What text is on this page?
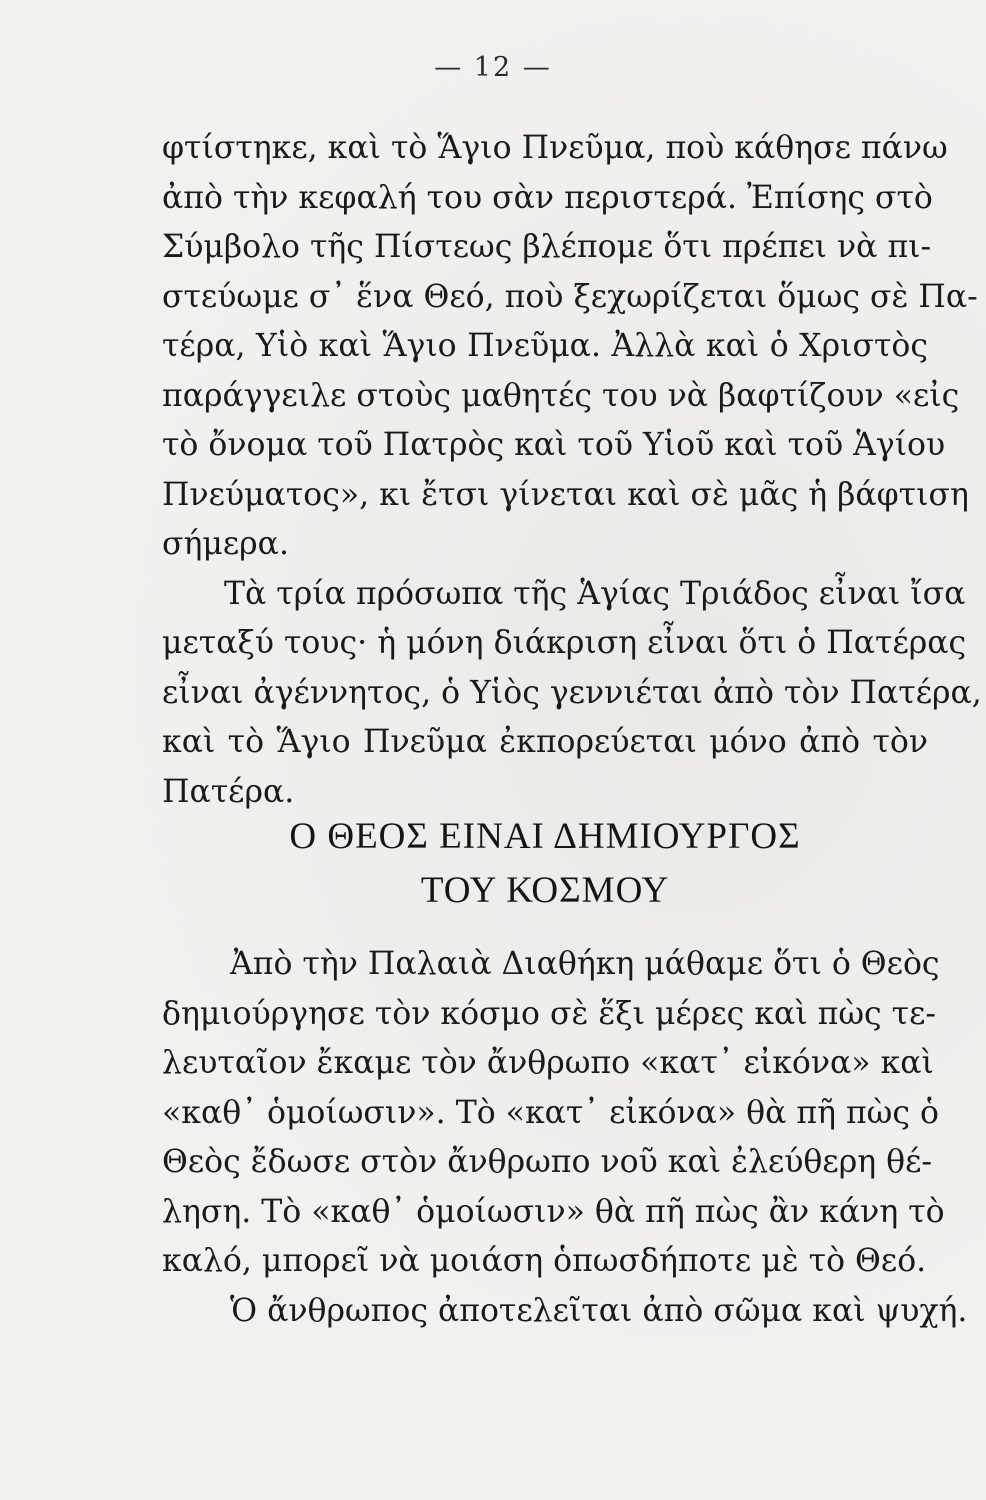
— 12 —
φτίστηκε, καὶ τὸ Ἅγιο Πνεῦμα, ποὺ κάθησε πάνω
ἀπὸ τὴν κεφαλή του σὰν περιστερά. Ἐπίσης στὸ
Σύμβολο τῆς Πίστεως βλέπομε ὅτι πρέπει νὰ πι-
στεύωμε σ᾽ ἕνα Θεό, ποὺ ξεχωρίζεται ὅμως σὲ Πα-
τέρα, Υἱὸ καὶ Ἅγιο Πνεῦμα. Ἀλλὰ καὶ ὁ Χριστὸς
παράγγειλε στοὺς μαθητές του νὰ βαφτίζουν «εἰς
τὸ ὄνομα τοῦ Πατρὸς καὶ τοῦ Υἱοῦ καὶ τοῦ Ἁγίου
Πνεύματος», κι ἔτσι γίνεται καὶ σὲ μᾶς ἡ βάφτιση
σήμερα.
Τὰ τρία πρόσωπα τῆς Ἁγίας Τριάδος εἶναι ἴσα
μεταξύ τους· ἡ μόνη διάκριση εἶναι ὅτι ὁ Πατέρας
εἶναι ἀγέννητος, ὁ Υἱὸς γεννιέται ἀπὸ τὸν Πατέρα,
καὶ τὸ Ἅγιο Πνεῦμα ἐκπορεύεται μόνο ἀπὸ τὸν
Πατέρα.
Ο ΘΕΟΣ ΕΙΝΑΙ ΔΗΜΙΟΥΡΓΟΣ
ΤΟΥ ΚΟΣΜΟΥ
Ἀπὸ τὴν Παλαιὰ Διαθήκη μάθαμε ὅτι ὁ Θεὸς
δημιούργησε τὸν κόσμο σὲ ἕξι μέρες καὶ πὼς τε-
λευταῖον ἔκαμε τὸν ἄνθρωπο «κατ᾽ εἰκόνα» καὶ
«καθ᾽ ὁμοίωσιν». Τὸ «κατ᾽ εἰκόνα» θὰ πῆ πὼς ὁ
Θεὸς ἔδωσε στὸν ἄνθρωπο νοῦ καὶ ἐλεύθερη θέ-
ληση. Τὸ «καθ᾽ ὁμοίωσιν» θὰ πῆ πὼς ἂν κάνη τὸ
καλό, μπορεῖ νὰ μοιάση ὁπωσδήποτε μὲ τὸ Θεό.
Ὁ ἄνθρωπος ἀποτελεῖται ἀπὸ σῶμα καὶ ψυχή.
